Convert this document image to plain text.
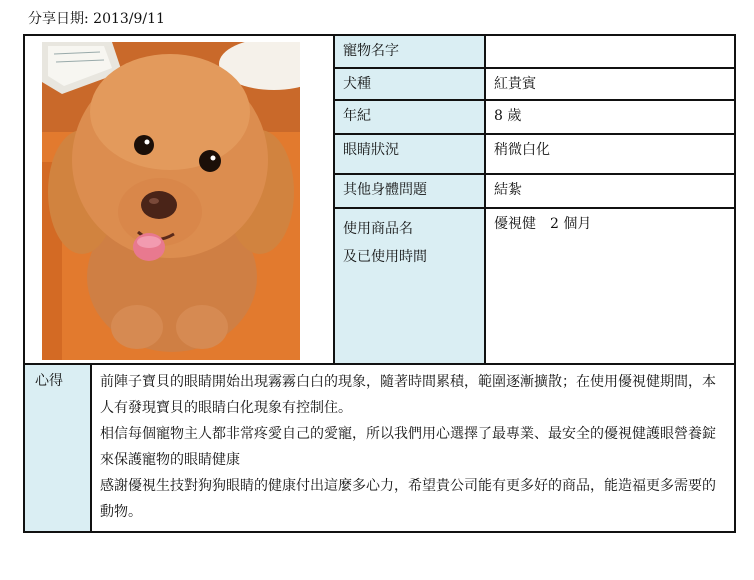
分享日期: 2013/9/11
	寵物名字	
		犬種	紅貴賓
		年紀	8 歲
		眼睛狀況	稍微白化
		其他身體問題	結紮

		使用商品名
及已使用時間	優視健　2 個月
心得	前陣子寶貝的眼睛開始出現霧霧白白的現象，隨著時間累積，範圍逐漸擴散；在使用優視健期間，本人有發現寶貝的眼睛白化現象有控制住。

相信每個寵物主人都非常疼愛自己的愛寵，所以我們用心選擇了最專業、最安全的優視健護眼營養錠來保護寵物的眼睛健康

感謝優視生技對狗狗眼睛的健康付出這麼多心力，希望貴公司能有更多好的商品，能造福更多需要的動物。		
